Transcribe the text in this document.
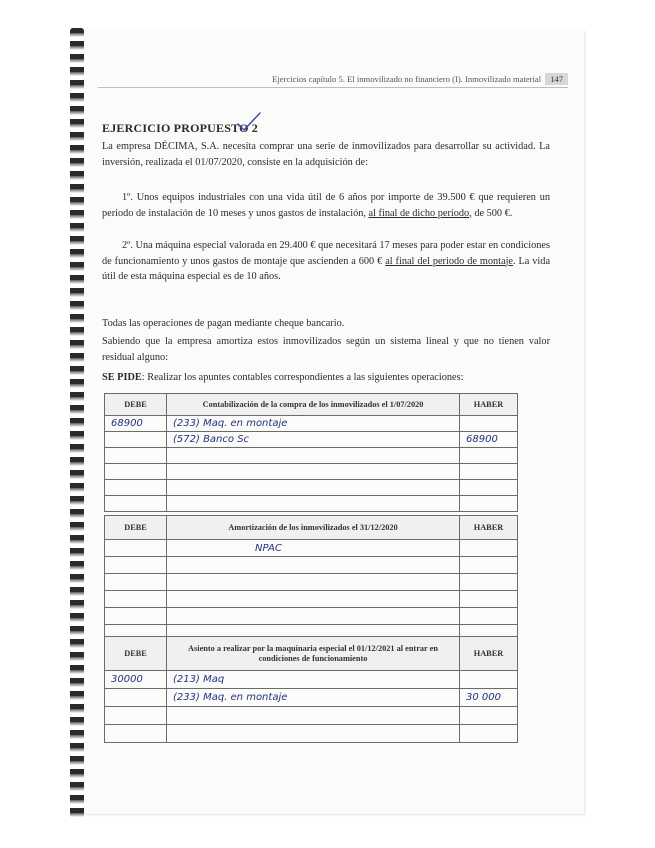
Ejercicios capítulo 5. El inmovilizado no financiero (I). Inmovilizado material 147
EJERCICIO PROPUESTO 2

La empresa DÉCIMA, S.A. necesita comprar una serie de inmovilizados para desarrollar su actividad. La inversión, realizada el 01/07/2020, consiste en la adquisición de:

1º. Unos equipos industriales con una vida útil de 6 años por importe de 39.500 € que requieren un periodo de instalación de 10 meses y unos gastos de instalación, al final de dicho periodo, de 500 €.

2º. Una máquina especial valorada en 29.400 € que necesitará 17 meses para poder estar en condiciones de funcionamiento y unos gastos de montaje que ascienden a 600 € al final del periodo de montaje. La vida útil de esta máquina especial es de 10 años.

Todas las operaciones de pagan mediante cheque bancario.

Sabiendo que la empresa amortiza estos inmovilizados según un sistema lineal y que no tienen valor residual alguno:

SE PIDE: Realizar los apuntes contables correspondientes a las siguientes operaciones:
DEBE	Contabilización de la compra de los inmovilizados el 1/07/2020	HABER
68900	(233) Maq. en montaje	
	(572) Banco Sc	68900

DEBE	Amortización de los inmovilizados el 31/12/2020	HABER
	NPAC	

DEBE	Asiento a realizar por la maquinaria especial el 01/12/2021 al entrar en condiciones de funcionamiento	HABER
30000	(213) Maq	
	(233) Maq. en montaje	30 000
